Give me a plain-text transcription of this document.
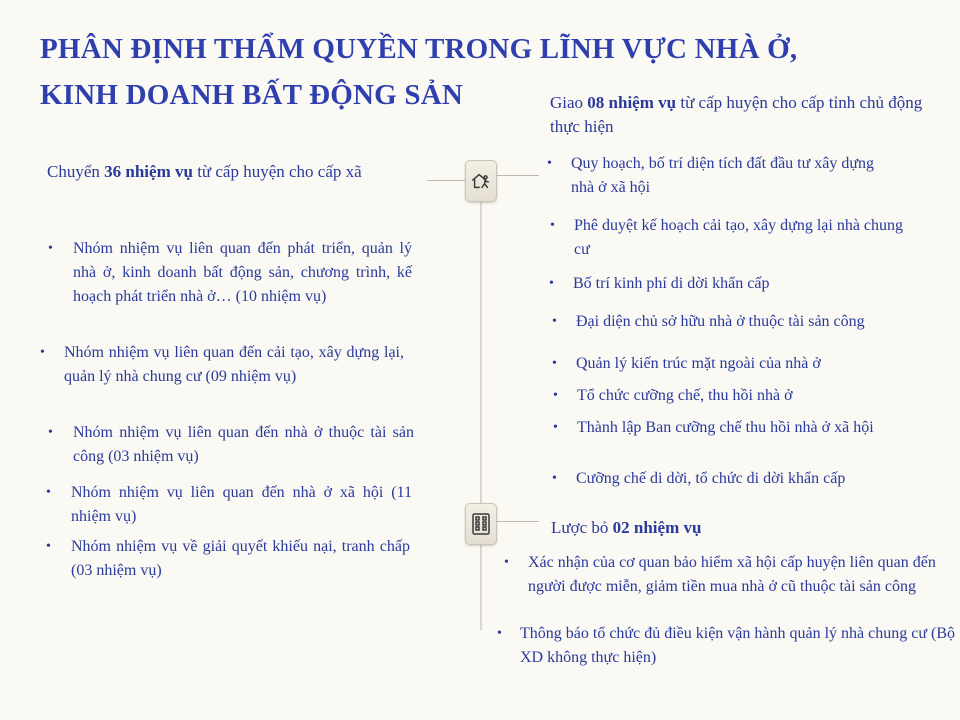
PHÂN ĐỊNH THẨM QUYỀN TRONG LĨNH VỰC NHÀ Ở,
KINH DOANH BẤT ĐỘNG SẢN
Chuyển 36 nhiệm vụ từ cấp huyện cho cấp xã
• Nhóm nhiệm vụ liên quan đến phát triển, quản lý nhà ở, kinh doanh bất động sản, chương trình, kế hoạch phát triển nhà ở… (10 nhiệm vụ)
• Nhóm nhiệm vụ liên quan đến cải tạo, xây dựng lại, quản lý nhà chung cư (09 nhiệm vụ)
• Nhóm nhiệm vụ liên quan đến nhà ở thuộc tài sản công (03 nhiệm vụ)
• Nhóm nhiệm vụ liên quan đến nhà ở xã hội (11 nhiệm vụ)
• Nhóm nhiệm vụ về giải quyết khiếu nại, tranh chấp (03 nhiệm vụ)
Giao 08 nhiệm vụ từ cấp huyện cho cấp tỉnh chủ động thực hiện
• Quy hoạch, bố trí diện tích đất đầu tư xây dựng nhà ở xã hội
• Phê duyệt kế hoạch cải tạo, xây dựng lại nhà chung cư
• Bố trí kinh phí di dời khẩn cấp
• Đại diện chủ sở hữu nhà ở thuộc tài sản công
• Quản lý kiến trúc mặt ngoài của nhà ở
• Tổ chức cưỡng chế, thu hồi nhà ở
• Thành lập Ban cưỡng chế thu hồi nhà ở xã hội
• Cưỡng chế di dời, tổ chức di dời khẩn cấp
Lược bỏ 02 nhiệm vụ
• Xác nhận của cơ quan bảo hiểm xã hội cấp huyện liên quan đến người được miễn, giảm tiền mua nhà ở cũ thuộc tài sản công
• Thông báo tổ chức đủ điều kiện vận hành quản lý nhà chung cư (Bộ XD không thực hiện)
